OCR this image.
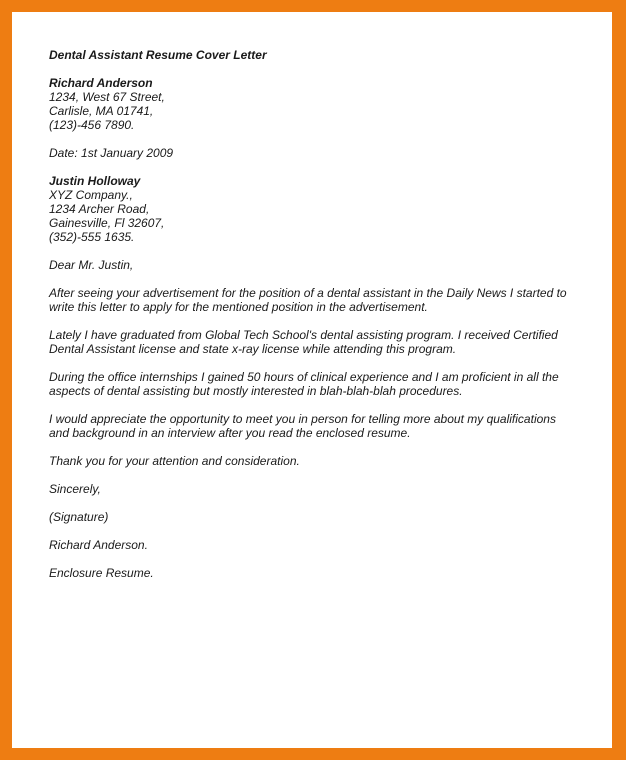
Dental Assistant Resume Cover Letter
Richard Anderson
1234, West 67 Street,
Carlisle, MA 01741,
(123)-456 7890.
Date: 1st January 2009
Justin Holloway
XYZ Company.,
1234 Archer Road,
Gainesville, Fl 32607,
(352)-555 1635.
Dear Mr. Justin,
After seeing your advertisement for the position of a dental assistant in the Daily News I started to
write this letter to apply for the mentioned position in the advertisement.
Lately I have graduated from Global Tech School's dental assisting program. I received Certified
Dental Assistant license and state x-ray license while attending this program.
During the office internships I gained 50 hours of clinical experience and I am proficient in all the
aspects of dental assisting but mostly interested in blah-blah-blah procedures.
I would appreciate the opportunity to meet you in person for telling more about my qualifications
and background in an interview after you read the enclosed resume.
Thank you for your attention and consideration.
Sincerely,
(Signature)
Richard Anderson.
Enclosure Resume.
